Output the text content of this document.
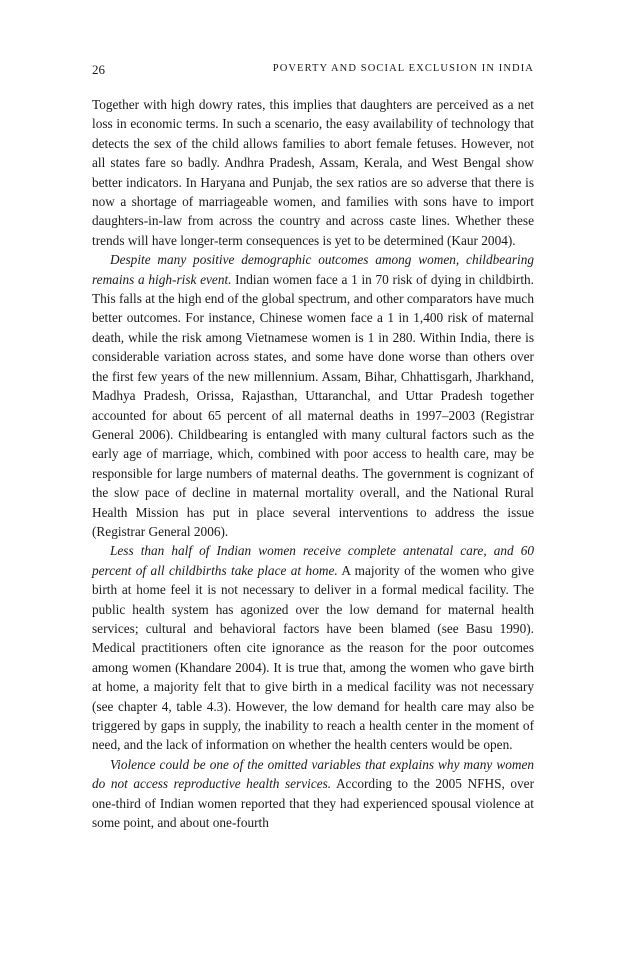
26	POVERTY AND SOCIAL EXCLUSION IN INDIA

Together with high dowry rates, this implies that daughters are perceived as a net loss in economic terms. In such a scenario, the easy availability of technology that detects the sex of the child allows families to abort female fetuses. However, not all states fare so badly. Andhra Pradesh, Assam, Kerala, and West Bengal show better indicators. In Haryana and Punjab, the sex ratios are so adverse that there is now a shortage of marriageable women, and families with sons have to import daughters-in-law from across the country and across caste lines. Whether these trends will have longer-term consequences is yet to be determined (Kaur 2004).

Despite many positive demographic outcomes among women, childbearing remains a high-risk event. Indian women face a 1 in 70 risk of dying in childbirth. This falls at the high end of the global spectrum, and other comparators have much better outcomes. For instance, Chinese women face a 1 in 1,400 risk of maternal death, while the risk among Vietnamese women is 1 in 280. Within India, there is considerable variation across states, and some have done worse than others over the first few years of the new millennium. Assam, Bihar, Chhattisgarh, Jharkhand, Madhya Pradesh, Orissa, Rajasthan, Uttaranchal, and Uttar Pradesh together accounted for about 65 percent of all maternal deaths in 1997–2003 (Registrar General 2006). Childbearing is entangled with many cultural factors such as the early age of marriage, which, combined with poor access to health care, may be responsible for large numbers of maternal deaths. The government is cognizant of the slow pace of decline in maternal mortality overall, and the National Rural Health Mission has put in place several interventions to address the issue (Registrar General 2006).

Less than half of Indian women receive complete antenatal care, and 60 percent of all childbirths take place at home. A majority of the women who give birth at home feel it is not necessary to deliver in a formal medical facility. The public health system has agonized over the low demand for maternal health services; cultural and behavioral factors have been blamed (see Basu 1990). Medical practitioners often cite ignorance as the reason for the poor outcomes among women (Khandare 2004). It is true that, among the women who gave birth at home, a majority felt that to give birth in a medical facility was not necessary (see chapter 4, table 4.3). However, the low demand for health care may also be triggered by gaps in supply, the inability to reach a health center in the moment of need, and the lack of information on whether the health centers would be open.

Violence could be one of the omitted variables that explains why many women do not access reproductive health services. According to the 2005 NFHS, over one-third of Indian women reported that they had experienced spousal violence at some point, and about one-fourth
